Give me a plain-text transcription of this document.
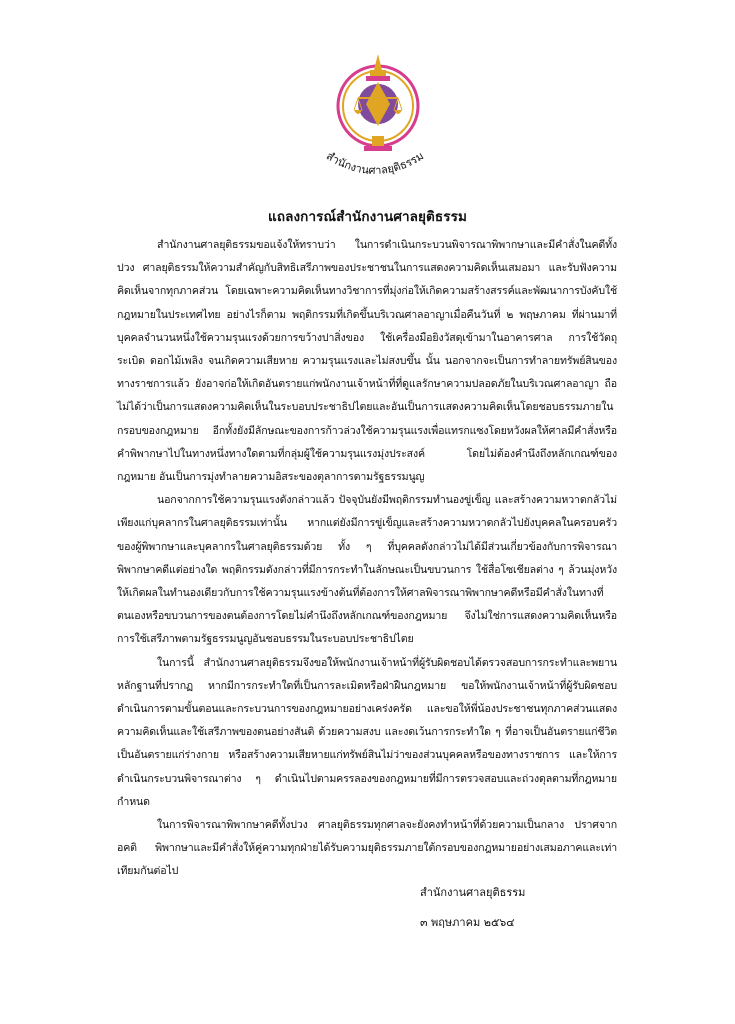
สำนักงานศาลยุติธรรม
แถลงการณ์สำนักงานศาลยุติธรรม

สำนักงานศาลยุติธรรมขอแจ้งให้ทราบว่า ในการดำเนินกระบวนพิจารณาพิพากษาและมีคำสั่งในคดีทั้งปวง ศาลยุติธรรมให้ความสำคัญกับสิทธิเสรีภาพของประชาชนในการแสดงความคิดเห็นเสมอมา และรับฟังความคิดเห็นจากทุกภาคส่วน โดยเฉพาะความคิดเห็นทางวิชาการที่มุ่งก่อให้เกิดความสร้างสรรค์และพัฒนาการบังคับใช้กฎหมายในประเทศไทย อย่างไรก็ตาม พฤติกรรมที่เกิดขึ้นบริเวณศาลอาญาเมื่อคืนวันที่ ๒ พฤษภาคม ที่ผ่านมาที่บุคคลจำนวนหนึ่งใช้ความรุนแรงด้วยการขว้างปาสิ่งของ ใช้เครื่องมือยิงวัสดุเข้ามาในอาคารศาล การใช้วัตถุระเบิด ดอกไม้เพลิง จนเกิดความเสียหาย ความรุนแรงและไม่สงบขึ้น นั้น นอกจากจะเป็นการทำลายทรัพย์สินของทางราชการแล้ว ยังอาจก่อให้เกิดอันตรายแก่พนักงานเจ้าหน้าที่ที่ดูแลรักษาความปลอดภัยในบริเวณศาลอาญา ถือไม่ได้ว่าเป็นการแสดงความคิดเห็นในระบอบประชาธิปไตยและอันเป็นการแสดงความคิดเห็นโดยชอบธรรมภายในกรอบของกฎหมาย อีกทั้งยังมีลักษณะของการก้าวล่วงใช้ความรุนแรงเพื่อแทรกแซงโดยหวังผลให้ศาลมีคำสั่งหรือคำพิพากษาไปในทางหนึ่งทางใดตามที่กลุ่มผู้ใช้ความรุนแรงมุ่งประสงค์ โดยไม่ต้องคำนึงถึงหลักเกณฑ์ของกฎหมาย อันเป็นการมุ่งทำลายความอิสระของตุลาการตามรัฐธรรมนูญ

นอกจากการใช้ความรุนแรงดังกล่าวแล้ว ปัจจุบันยังมีพฤติกรรมทำนองขู่เข็ญ และสร้างความหวาดกลัวไม่เพียงแก่บุคลากรในศาลยุติธรรมเท่านั้น หากแต่ยังมีการขู่เข็ญและสร้างความหวาดกลัวไปยังบุคคลในครอบครัวของผู้พิพากษาและบุคลากรในศาลยุติธรรมด้วย ทั้ง ๆ ที่บุคคลดังกล่าวไม่ได้มีส่วนเกี่ยวข้องกับการพิจารณาพิพากษาคดีแต่อย่างใด พฤติกรรมดังกล่าวที่มีการกระทำในลักษณะเป็นขบวนการ ใช้สื่อโซเชียลต่าง ๆ ล้วนมุ่งหวังให้เกิดผลในทำนองเดียวกับการใช้ความรุนแรงข้างต้นที่ต้องการให้ศาลพิจารณาพิพากษาคดีหรือมีคำสั่งในทางที่ตนเองหรือขบวนการของตนต้องการโดยไม่คำนึงถึงหลักเกณฑ์ของกฎหมาย จึงไม่ใช่การแสดงความคิดเห็นหรือการใช้เสรีภาพตามรัฐธรรมนูญอันชอบธรรมในระบอบประชาธิปไตย

ในการนี้ สำนักงานศาลยุติธรรมจึงขอให้พนักงานเจ้าหน้าที่ผู้รับผิดชอบได้ตรวจสอบการกระทำและพยานหลักฐานที่ปรากฏ หากมีการกระทำใดที่เป็นการละเมิดหรือฝ่าฝืนกฎหมาย ขอให้พนักงานเจ้าหน้าที่ผู้รับผิดชอบดำเนินการตามขั้นตอนและกระบวนการของกฎหมายอย่างเคร่งครัด และขอให้พี่น้องประชาชนทุกภาคส่วนแสดงความคิดเห็นและใช้เสรีภาพของตนอย่างสันติ ด้วยความสงบ และงดเว้นการกระทำใด ๆ ที่อาจเป็นอันตรายแก่ชีวิตเป็นอันตรายแก่ร่างกาย หรือสร้างความเสียหายแก่ทรัพย์สินไม่ว่าของส่วนบุคคลหรือของทางราชการ และให้การดำเนินกระบวนพิจารณาต่าง ๆ ดำเนินไปตามครรลองของกฎหมายที่มีการตรวจสอบและถ่วงดุลตามที่กฎหมายกำหนด

ในการพิจารณาพิพากษาคดีทั้งปวง ศาลยุติธรรมทุกศาลจะยังคงทำหน้าที่ด้วยความเป็นกลาง ปราศจากอคติ พิพากษาและมีคำสั่งให้คู่ความทุกฝ่ายได้รับความยุติธรรมภายใต้กรอบของกฎหมายอย่างเสมอภาคและเท่าเทียมกันต่อไป

สำนักงานศาลยุติธรรม
๓ พฤษภาคม ๒๕๖๔
